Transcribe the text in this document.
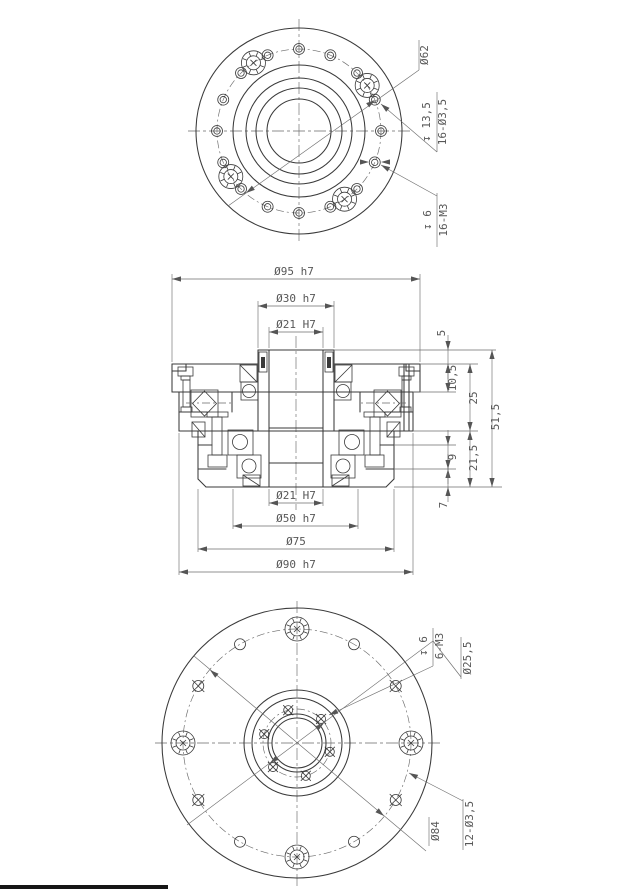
Ø62
16-Ø3,5
↧ 13,5
16-M3
↧ 6
Ø95 h7
Ø30 h7
Ø21 H7
Ø21 H7
Ø50 h7
Ø75
Ø90 h7
5
10,5
25
51,5
21,5
9
7
6-M3
↧ 6	Ø25,5
12-Ø3,5
Ø84
